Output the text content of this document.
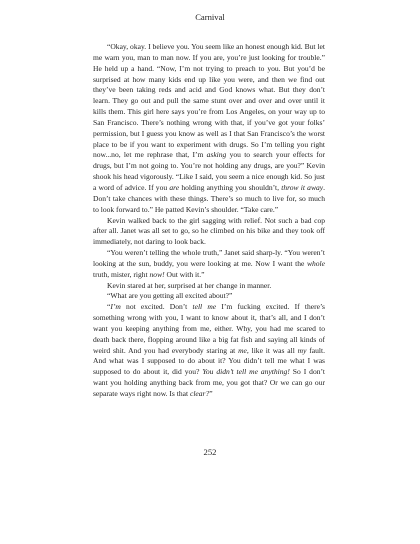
Carnival

“Okay, okay. I believe you. You seem like an honest enough kid. But let me warn you, man to man now. If you are, you’re just looking for trouble.” He held up a hand. “Now, I’m not trying to preach to you. But you’d be surprised at how many kids end up like you were, and then we find out they’ve been taking reds and acid and God knows what. But they don’t learn. They go out and pull the same stunt over and over and over until it kills them. This girl here says you’re from Los Angeles, on your way up to San Francisco. There’s nothing wrong with that, if you’ve got your folks’ permission, but I guess you know as well as I that San Francisco’s the worst place to be if you want to experiment with drugs. So I’m telling you right now...no, let me rephrase that, I’m asking you to search your effects for drugs, but I’m not going to. You’re not holding any drugs, are you?” Kevin shook his head vigorously. “Like I said, you seem a nice enough kid. So just a word of advice. If you are holding anything you shouldn’t, throw it away. Don’t take chances with these things. There’s so much to live for, so much to look forward to.” He patted Kevin’s shoulder. “Take care.”

Kevin walked back to the girl sagging with relief. Not such a bad cop after all. Janet was all set to go, so he climbed on his bike and they took off immediately, not daring to look back.

“You weren’t telling the whole truth,” Janet said sharp-ly. “You weren’t looking at the sun, buddy, you were looking at me. Now I want the whole truth, mister, right now! Out with it.”

Kevin stared at her, surprised at her change in manner.

“What are you getting all excited about?”

“I’m not excited. Don’t tell me I’m fucking excited. If there’s something wrong with you, I want to know about it, that’s all, and I don’t want you keeping anything from me, either. Why, you had me scared to death back there, flopping around like a big fat fish and saying all kinds of weird shit. And you had everybody staring at me, like it was all my fault. And what was I supposed to do about it? You didn’t tell me what I was supposed to do about it, did you? You didn’t tell me anything! So I don’t want you holding anything back from me, you got that? Or we can go our separate ways right now. Is that clear?”

252
